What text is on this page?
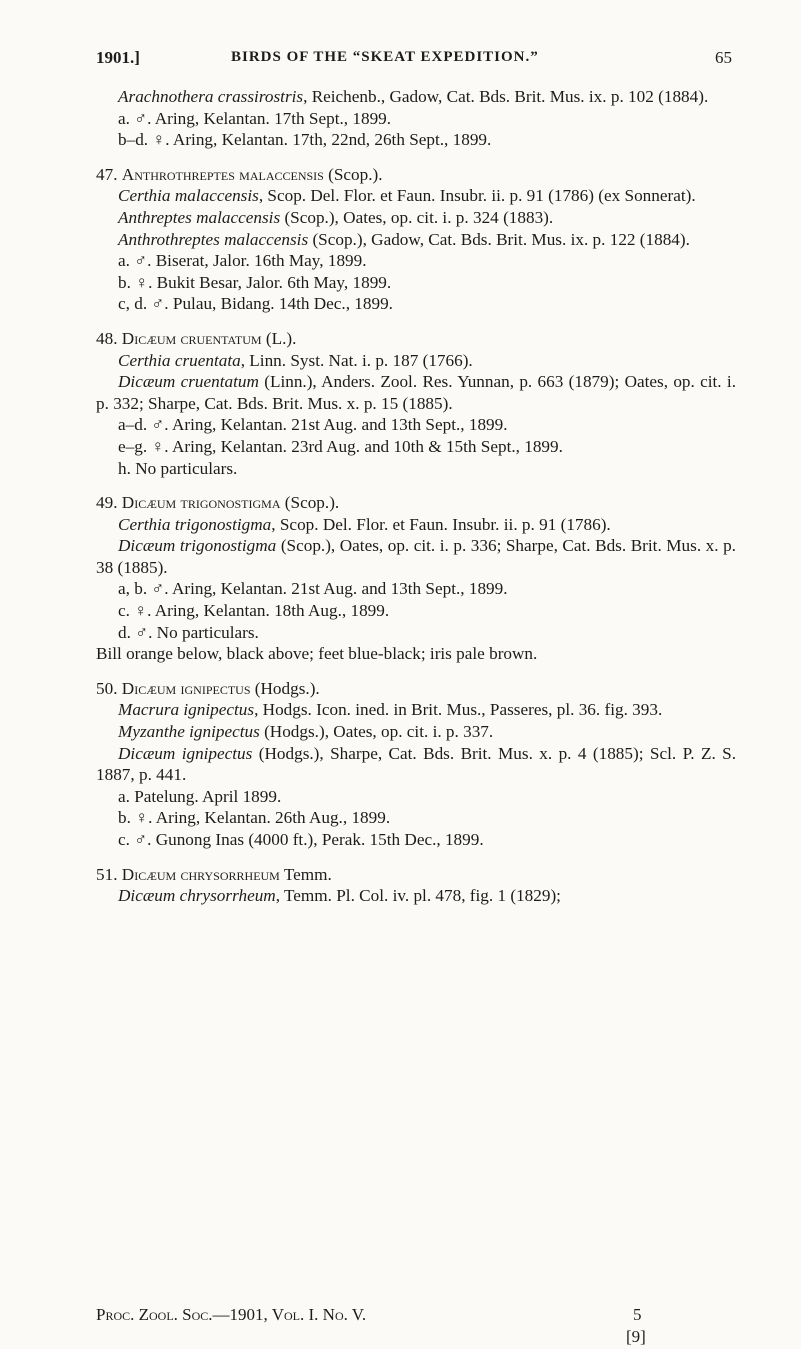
1901.]	BIRDS OF THE “SKEAT EXPEDITION.”	65

Arachnothera crassirostris, Reichenb., Gadow, Cat. Bds. Brit. Mus. ix. p. 102 (1884).

a. ♂. Aring, Kelantan. 17th Sept., 1899.

b–d. ♀. Aring, Kelantan. 17th, 22nd, 26th Sept., 1899.

47. Anthrothreptes malaccensis (Scop.).

Certhia malaccensis, Scop. Del. Flor. et Faun. Insubr. ii. p. 91 (1786) (ex Sonnerat).

Anthreptes malaccensis (Scop.), Oates, op. cit. i. p. 324 (1883).

Anthrothreptes malaccensis (Scop.), Gadow, Cat. Bds. Brit. Mus. ix. p. 122 (1884).

a. ♂. Biserat, Jalor. 16th May, 1899.

b. ♀. Bukit Besar, Jalor. 6th May, 1899.

c, d. ♂. Pulau, Bidang. 14th Dec., 1899.

48. Dicæum cruentatum (L.).

Certhia cruentata, Linn. Syst. Nat. i. p. 187 (1766).

Dicæum cruentatum (Linn.), Anders. Zool. Res. Yunnan, p. 663 (1879); Oates, op. cit. i. p. 332; Sharpe, Cat. Bds. Brit. Mus. x. p. 15 (1885).

a–d. ♂. Aring, Kelantan. 21st Aug. and 13th Sept., 1899.

e–g. ♀. Aring, Kelantan. 23rd Aug. and 10th & 15th Sept., 1899.

h. No particulars.

49. Dicæum trigonostigma (Scop.).

Certhia trigonostigma, Scop. Del. Flor. et Faun. Insubr. ii. p. 91 (1786).

Dicæum trigonostigma (Scop.), Oates, op. cit. i. p. 336; Sharpe, Cat. Bds. Brit. Mus. x. p. 38 (1885).

a, b. ♂. Aring, Kelantan. 21st Aug. and 13th Sept., 1899.

c. ♀. Aring, Kelantan. 18th Aug., 1899.

d. ♂. No particulars.

Bill orange below, black above; feet blue-black; iris pale brown.

50. Dicæum ignipectus (Hodgs.).

Macrura ignipectus, Hodgs. Icon. ined. in Brit. Mus., Passeres, pl. 36. fig. 393.

Myzanthe ignipectus (Hodgs.), Oates, op. cit. i. p. 337.

Dicæum ignipectus (Hodgs.), Sharpe, Cat. Bds. Brit. Mus. x. p. 4 (1885); Scl. P. Z. S. 1887, p. 441.

a. Patelung. April 1899.

b. ♀. Aring, Kelantan. 26th Aug., 1899.

c. ♂. Gunong Inas (4000 ft.), Perak. 15th Dec., 1899.

51. Dicæum chrysorrheum Temm.

Dicæum chrysorrheum, Temm. Pl. Col. iv. pl. 478, fig. 1 (1829);

Proc. Zool. Soc.—1901, Vol. I. No. V.	5
[9]
